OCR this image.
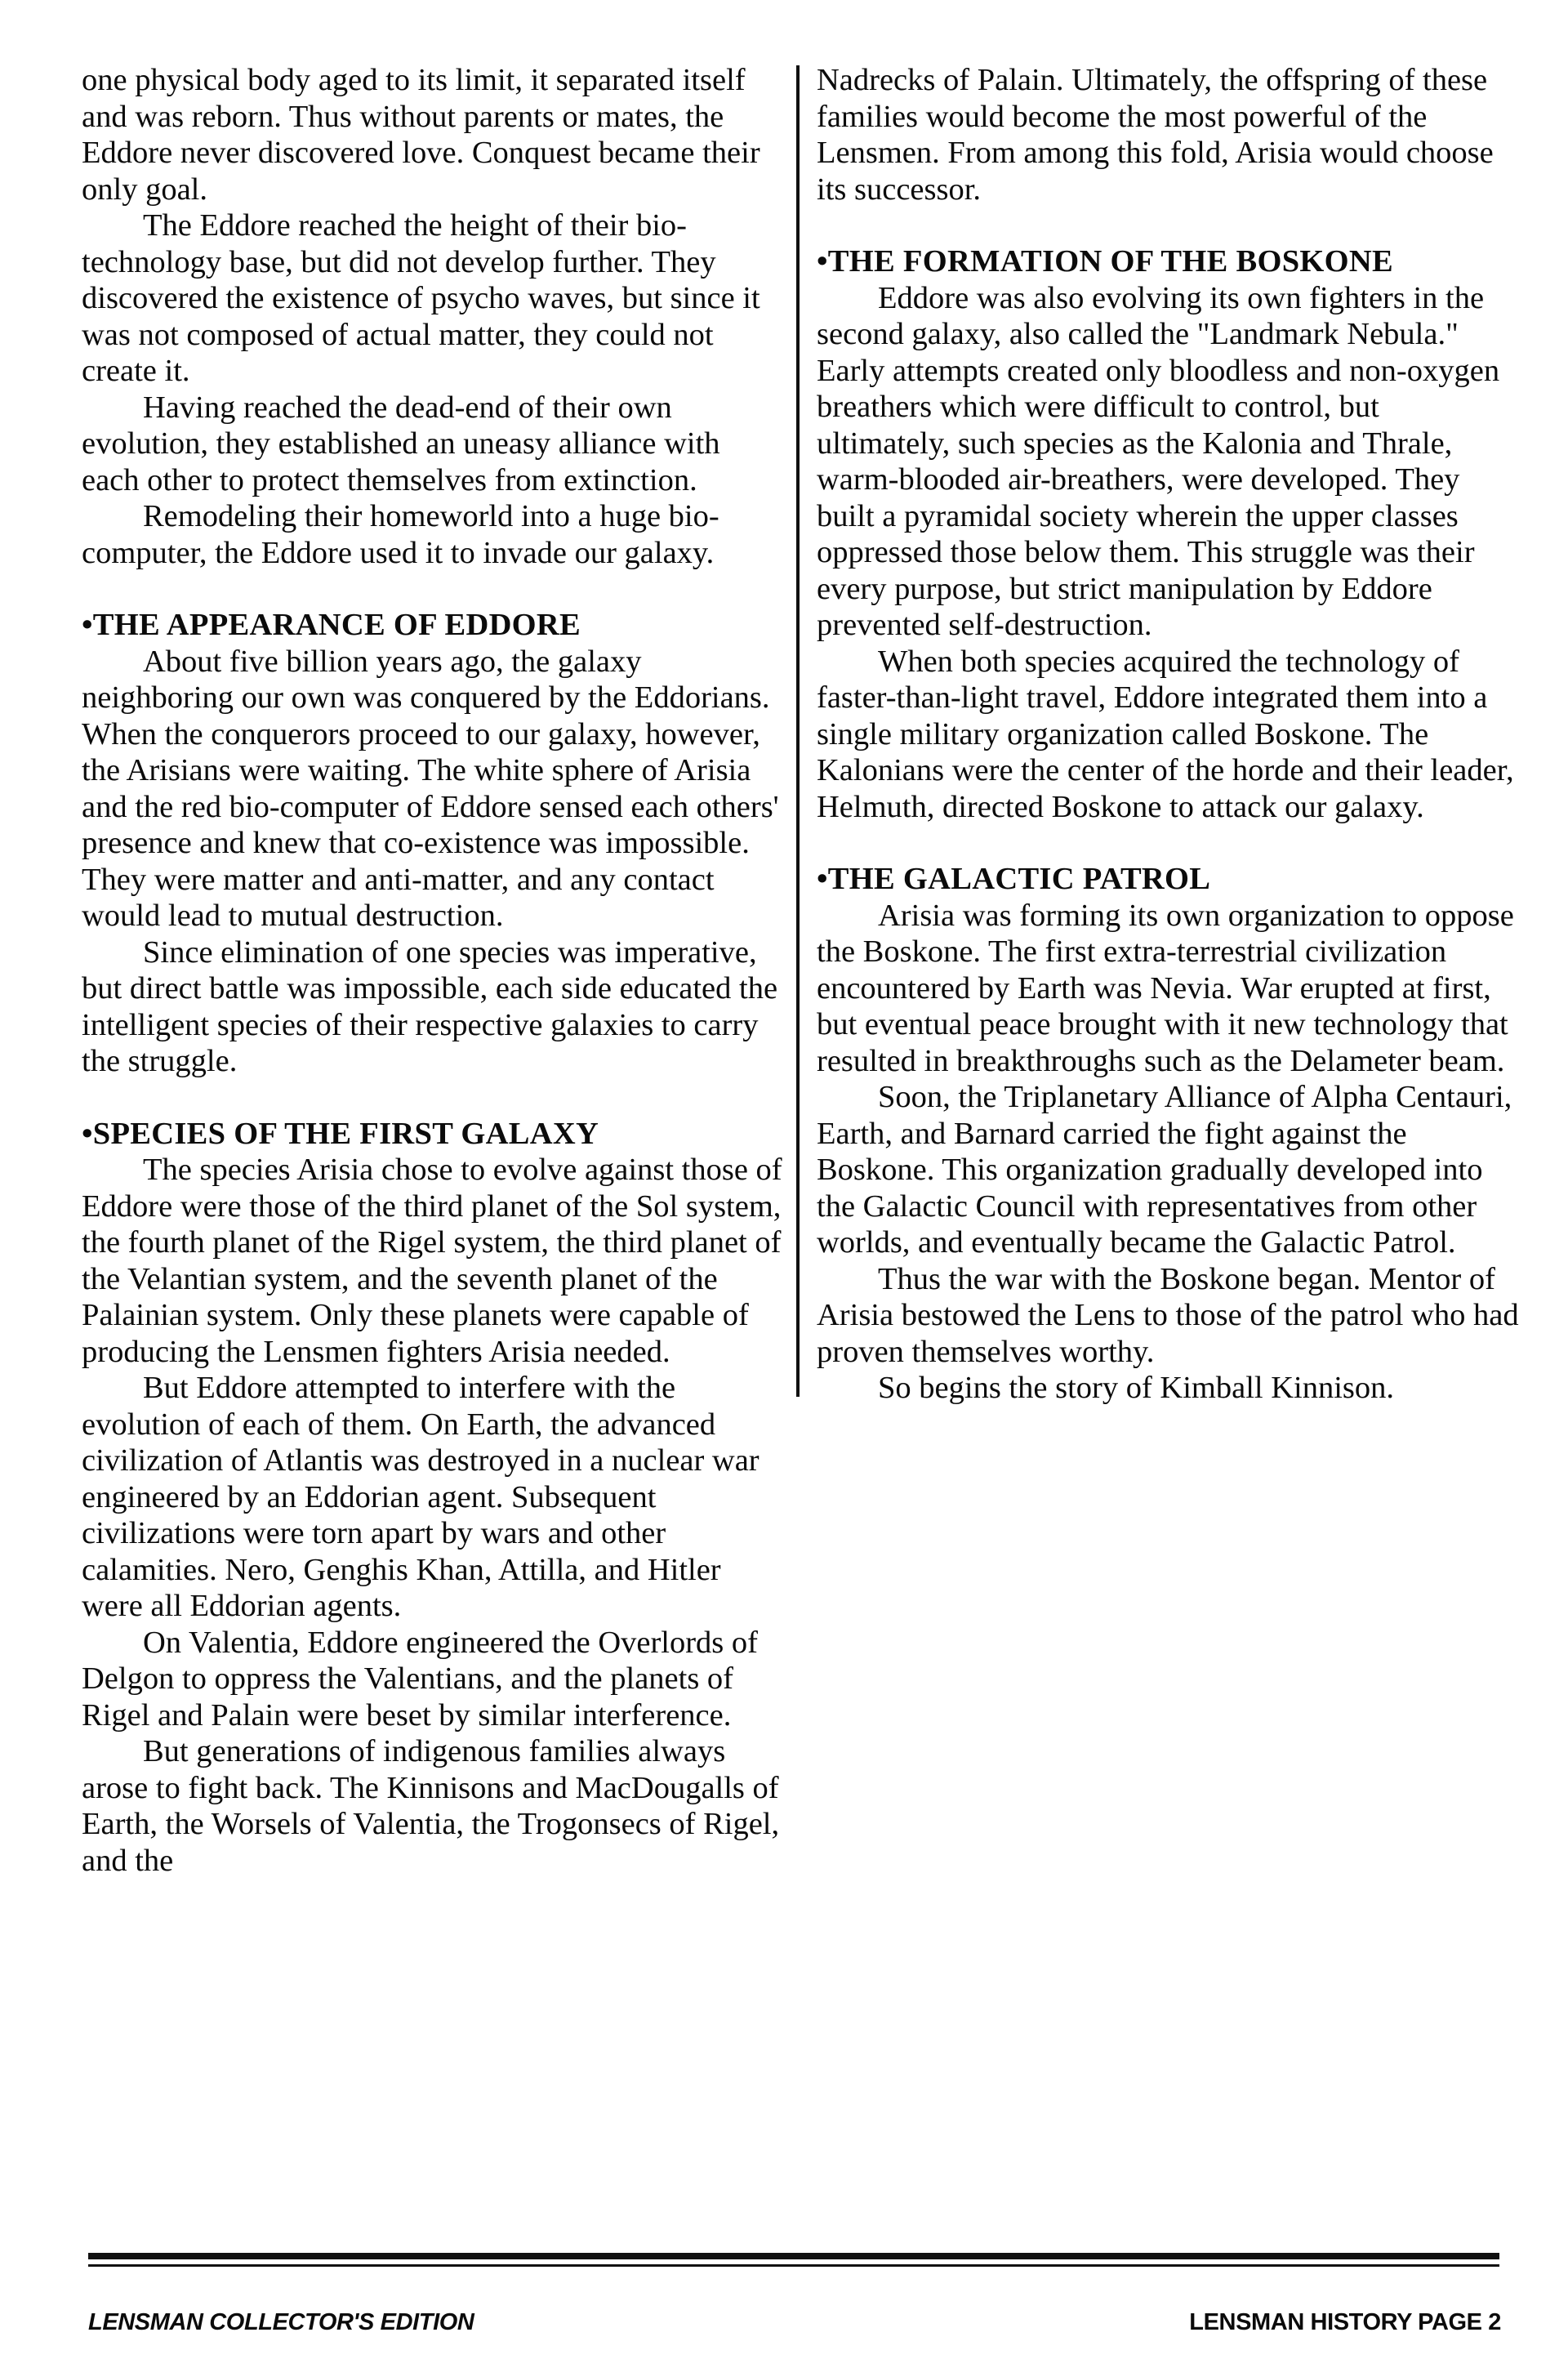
one physical body aged to its limit, it separated itself and was reborn. Thus without parents or mates, the Eddore never discovered love. Conquest became their only goal.

The Eddore reached the height of their bio-technology base, but did not develop further. They discovered the existence of psycho waves, but since it was not composed of actual matter, they could not create it.

Having reached the dead-end of their own evolution, they established an uneasy alliance with each other to protect themselves from extinction.

Remodeling their homeworld into a huge bio-computer, the Eddore used it to invade our galaxy.

•THE APPEARANCE OF EDDORE

About five billion years ago, the galaxy neighboring our own was conquered by the Eddorians. When the conquerors proceed to our galaxy, however, the Arisians were waiting. The white sphere of Arisia and the red bio-computer of Eddore sensed each others' presence and knew that co-existence was impossible. They were matter and anti-matter, and any contact would lead to mutual destruction.

Since elimination of one species was imperative, but direct battle was impossible, each side educated the intelligent species of their respective galaxies to carry the struggle.

•SPECIES OF THE FIRST GALAXY

The species Arisia chose to evolve against those of Eddore were those of the third planet of the Sol system, the fourth planet of the Rigel system, the third planet of the Velantian system, and the seventh planet of the Palainian system. Only these planets were capable of producing the Lensmen fighters Arisia needed.

But Eddore attempted to interfere with the evolution of each of them. On Earth, the advanced civilization of Atlantis was destroyed in a nuclear war engineered by an Eddorian agent. Subsequent civilizations were torn apart by wars and other calamities. Nero, Genghis Khan, Attilla, and Hitler were all Eddorian agents.

On Valentia, Eddore engineered the Overlords of Delgon to oppress the Valentians, and the planets of Rigel and Palain were beset by similar interference.

But generations of indigenous families always arose to fight back. The Kinnisons and MacDougalls of Earth, the Worsels of Valentia, the Trogonsecs of Rigel, and the

Nadrecks of Palain. Ultimately, the offspring of these families would become the most powerful of the Lensmen. From among this fold, Arisia would choose its successor.

•THE FORMATION OF THE BOSKONE

Eddore was also evolving its own fighters in the second galaxy, also called the "Landmark Nebula." Early attempts created only bloodless and non-oxygen breathers which were difficult to control, but ultimately, such species as the Kalonia and Thrale, warm-blooded air-breathers, were developed. They built a pyramidal society wherein the upper classes oppressed those below them. This struggle was their every purpose, but strict manipulation by Eddore prevented self-destruction.

When both species acquired the technology of faster-than-light travel, Eddore integrated them into a single military organization called Boskone. The Kalonians were the center of the horde and their leader, Helmuth, directed Boskone to attack our galaxy.

•THE GALACTIC PATROL

Arisia was forming its own organization to oppose the Boskone. The first extra-terrestrial civilization encountered by Earth was Nevia. War erupted at first, but eventual peace brought with it new technology that resulted in breakthroughs such as the Delameter beam.

Soon, the Triplanetary Alliance of Alpha Centauri, Earth, and Barnard carried the fight against the Boskone. This organization gradually developed into the Galactic Council with representatives from other worlds, and eventually became the Galactic Patrol.

Thus the war with the Boskone began. Mentor of Arisia bestowed the Lens to those of the patrol who had proven themselves worthy.

So begins the story of Kimball Kinnison.

LENSMAN COLLECTOR'S EDITION	LENSMAN HISTORY PAGE 2
